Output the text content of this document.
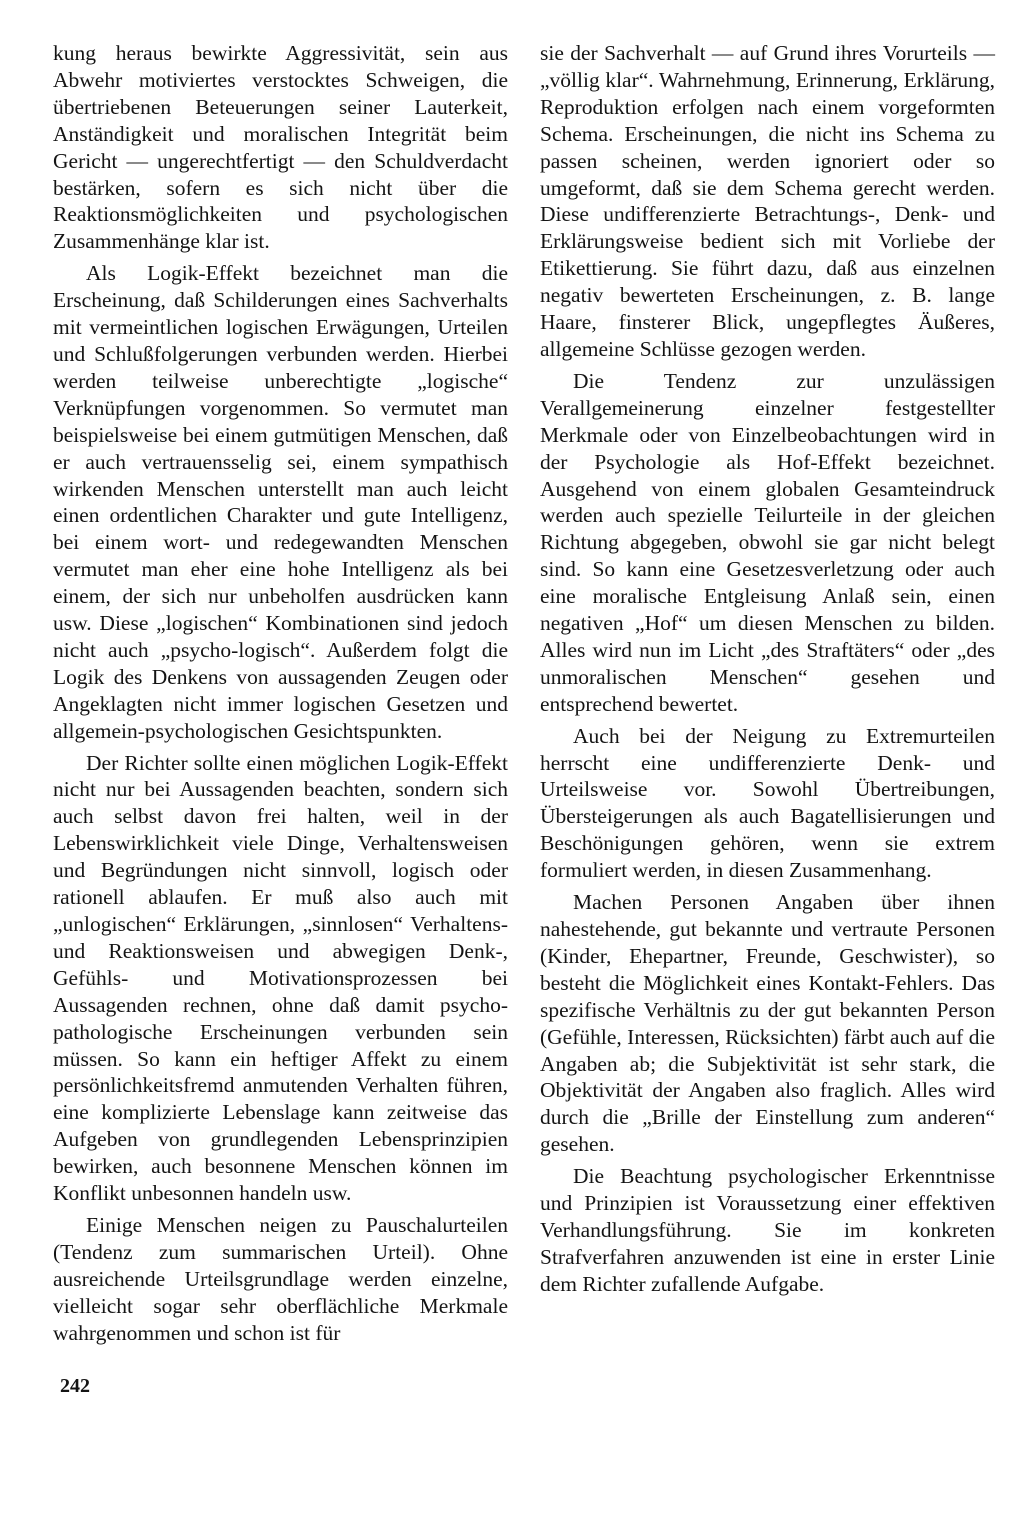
kung heraus bewirkte Aggressivität, sein aus Abwehr motiviertes verstocktes Schweigen, die übertriebenen Beteuerungen seiner Lauterkeit, Anständigkeit und moralischen Integrität beim Gericht — ungerechtfertigt — den Schuldverdacht bestärken, sofern es sich nicht über die Reaktionsmöglichkeiten und psychologischen Zusammenhänge klar ist.

Als Logik-Effekt bezeichnet man die Erscheinung, daß Schilderungen eines Sachverhalts mit vermeintlichen logischen Erwägungen, Urteilen und Schlußfolgerungen verbunden werden. Hierbei werden teilweise unberechtigte „logische“ Verknüpfungen vorgenommen. So vermutet man beispielsweise bei einem gutmütigen Menschen, daß er auch vertrauensselig sei, einem sympathisch wirkenden Menschen unterstellt man auch leicht einen ordentlichen Charakter und gute Intelligenz, bei einem wort- und redegewandten Menschen vermutet man eher eine hohe Intelligenz als bei einem, der sich nur unbeholfen ausdrücken kann usw. Diese „logischen“ Kombinationen sind jedoch nicht auch „psycho-logisch“. Außerdem folgt die Logik des Denkens von aussagenden Zeugen oder Angeklagten nicht immer logischen Gesetzen und allgemein-psychologischen Gesichtspunkten.

Der Richter sollte einen möglichen Logik-Effekt nicht nur bei Aussagenden beachten, sondern sich auch selbst davon frei halten, weil in der Lebenswirklichkeit viele Dinge, Verhaltensweisen und Begründungen nicht sinnvoll, logisch oder rationell ablaufen. Er muß also auch mit „unlogischen“ Erklärungen, „sinnlosen“ Verhaltens- und Reaktionsweisen und abwegigen Denk-, Gefühls- und Motivationsprozessen bei Aussagenden rechnen, ohne daß damit psycho-pathologische Erscheinungen verbunden sein müssen. So kann ein heftiger Affekt zu einem persönlichkeitsfremd anmutenden Verhalten führen, eine komplizierte Lebenslage kann zeitweise das Aufgeben von grundlegenden Lebensprinzipien bewirken, auch besonnene Menschen können im Konflikt unbesonnen handeln usw.

Einige Menschen neigen zu Pauschalurteilen (Tendenz zum summarischen Urteil). Ohne ausreichende Urteilsgrundlage werden einzelne, vielleicht sogar sehr oberflächliche Merkmale wahrgenommen und schon ist für

sie der Sachverhalt — auf Grund ihres Vorurteils — „völlig klar“. Wahrnehmung, Erinnerung, Erklärung, Reproduktion erfolgen nach einem vorgeformten Schema. Erscheinungen, die nicht ins Schema zu passen scheinen, werden ignoriert oder so umgeformt, daß sie dem Schema gerecht werden. Diese undifferenzierte Betrachtungs-, Denk- und Erklärungsweise bedient sich mit Vorliebe der Etikettierung. Sie führt dazu, daß aus einzelnen negativ bewerteten Erscheinungen, z. B. lange Haare, finsterer Blick, ungepflegtes Äußeres, allgemeine Schlüsse gezogen werden.

Die Tendenz zur unzulässigen Verallgemeinerung einzelner festgestellter Merkmale oder von Einzelbeobachtungen wird in der Psychologie als Hof-Effekt bezeichnet. Ausgehend von einem globalen Gesamteindruck werden auch spezielle Teilurteile in der gleichen Richtung abgegeben, obwohl sie gar nicht belegt sind. So kann eine Gesetzesverletzung oder auch eine moralische Entgleisung Anlaß sein, einen negativen „Hof“ um diesen Menschen zu bilden. Alles wird nun im Licht „des Straftäters“ oder „des unmoralischen Menschen“ gesehen und entsprechend bewertet.

Auch bei der Neigung zu Extremurteilen herrscht eine undifferenzierte Denk- und Urteilsweise vor. Sowohl Übertreibungen, Übersteigerungen als auch Bagatellisierungen und Beschönigungen gehören, wenn sie extrem formuliert werden, in diesen Zusammenhang.

Machen Personen Angaben über ihnen nahestehende, gut bekannte und vertraute Personen (Kinder, Ehepartner, Freunde, Geschwister), so besteht die Möglichkeit eines Kontakt-Fehlers. Das spezifische Verhältnis zu der gut bekannten Person (Gefühle, Interessen, Rücksichten) färbt auch auf die Angaben ab; die Subjektivität ist sehr stark, die Objektivität der Angaben also fraglich. Alles wird durch die „Brille der Einstellung zum anderen“ gesehen.

Die Beachtung psychologischer Erkenntnisse und Prinzipien ist Voraussetzung einer effektiven Verhandlungsführung. Sie im konkreten Strafverfahren anzuwenden ist eine in erster Linie dem Richter zufallende Aufgabe.

242
